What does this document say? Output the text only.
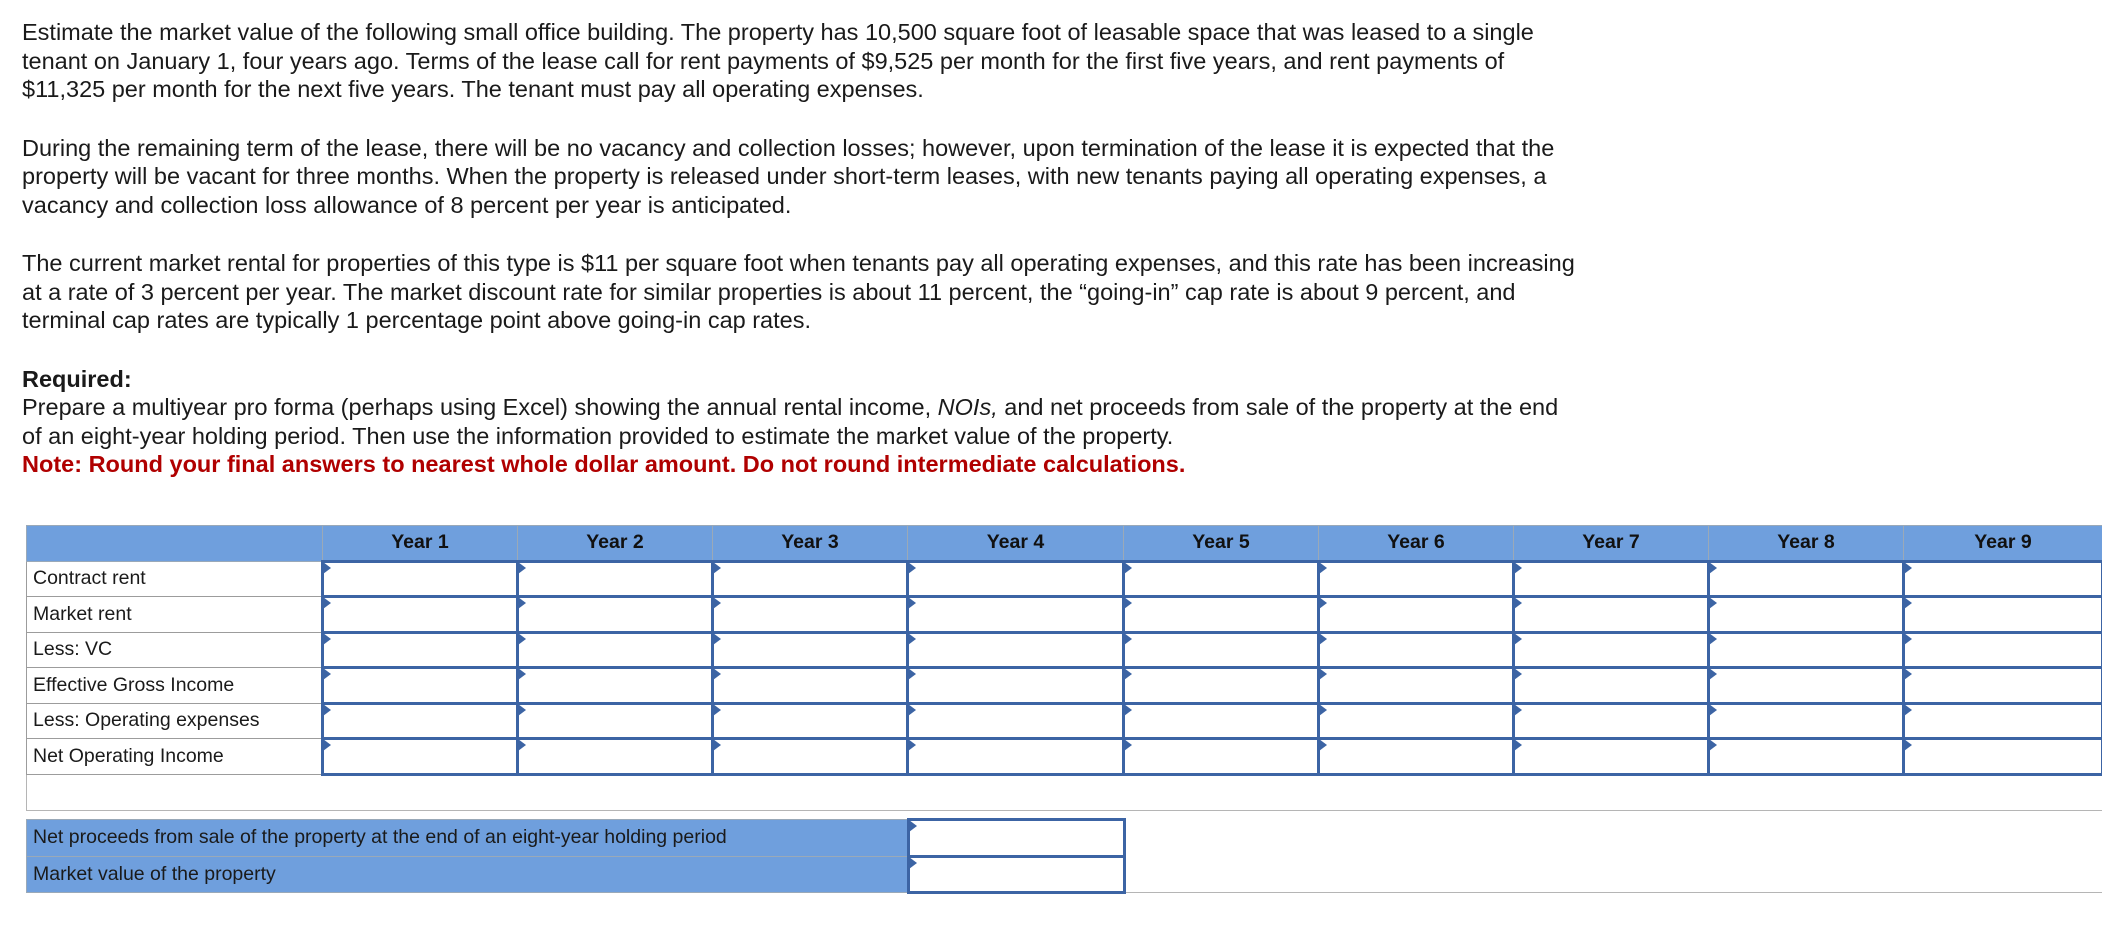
Estimate the market value of the following small office building. The property has 10,500 square foot of leasable space that was leased to a single tenant on January 1, four years ago. Terms of the lease call for rent payments of $9,525 per month for the first five years, and rent payments of $11,325 per month for the next five years. The tenant must pay all operating expenses.

During the remaining term of the lease, there will be no vacancy and collection losses; however, upon termination of the lease it is expected that the property will be vacant for three months. When the property is released under short-term leases, with new tenants paying all operating expenses, a vacancy and collection loss allowance of 8 percent per year is anticipated.

The current market rental for properties of this type is $11 per square foot when tenants pay all operating expenses, and this rate has been increasing at a rate of 3 percent per year. The market discount rate for similar properties is about 11 percent, the “going-in” cap rate is about 9 percent, and terminal cap rates are typically 1 percentage point above going-in cap rates.

Required:
Prepare a multiyear pro forma (perhaps using Excel) showing the annual rental income, NOIs, and net proceeds from sale of the property at the end of an eight-year holding period. Then use the information provided to estimate the market value of the property.
Note: Round your final answers to nearest whole dollar amount. Do not round intermediate calculations.
	Year 1	Year 2	Year 3	Year 4	Year 5	Year 6	Year 7	Year 8	Year 9
Contract rent									
Market rent									
Less: VC									
Effective Gross Income									
Less: Operating expenses									
Net Operating Income									

Net proceeds from sale of the property at the end of an eight-year holding period		
Market value of the property		
